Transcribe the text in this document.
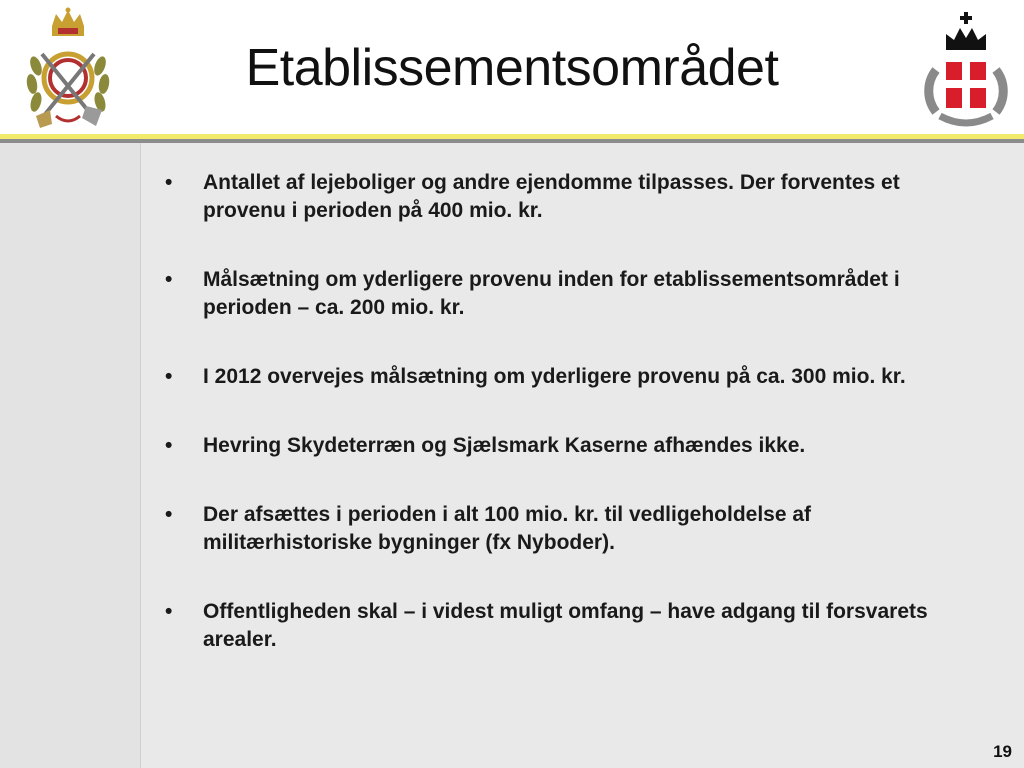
Etablissementsområdet
• Antallet af lejeboliger og andre ejendomme tilpasses. Der forventes et provenu i perioden på 400 mio. kr.
• Målsætning om yderligere provenu inden for etablissementsområdet i perioden – ca. 200 mio. kr.
• I 2012 overvejes målsætning om yderligere provenu på ca. 300 mio. kr.
• Hevring Skydeterræn og Sjælsmark Kaserne afhændes ikke.
• Der afsættes i perioden i alt 100 mio. kr. til vedligeholdelse af militærhistoriske bygninger (fx Nyboder).
• Offentligheden skal – i videst muligt omfang – have adgang til forsvarets arealer.
19
